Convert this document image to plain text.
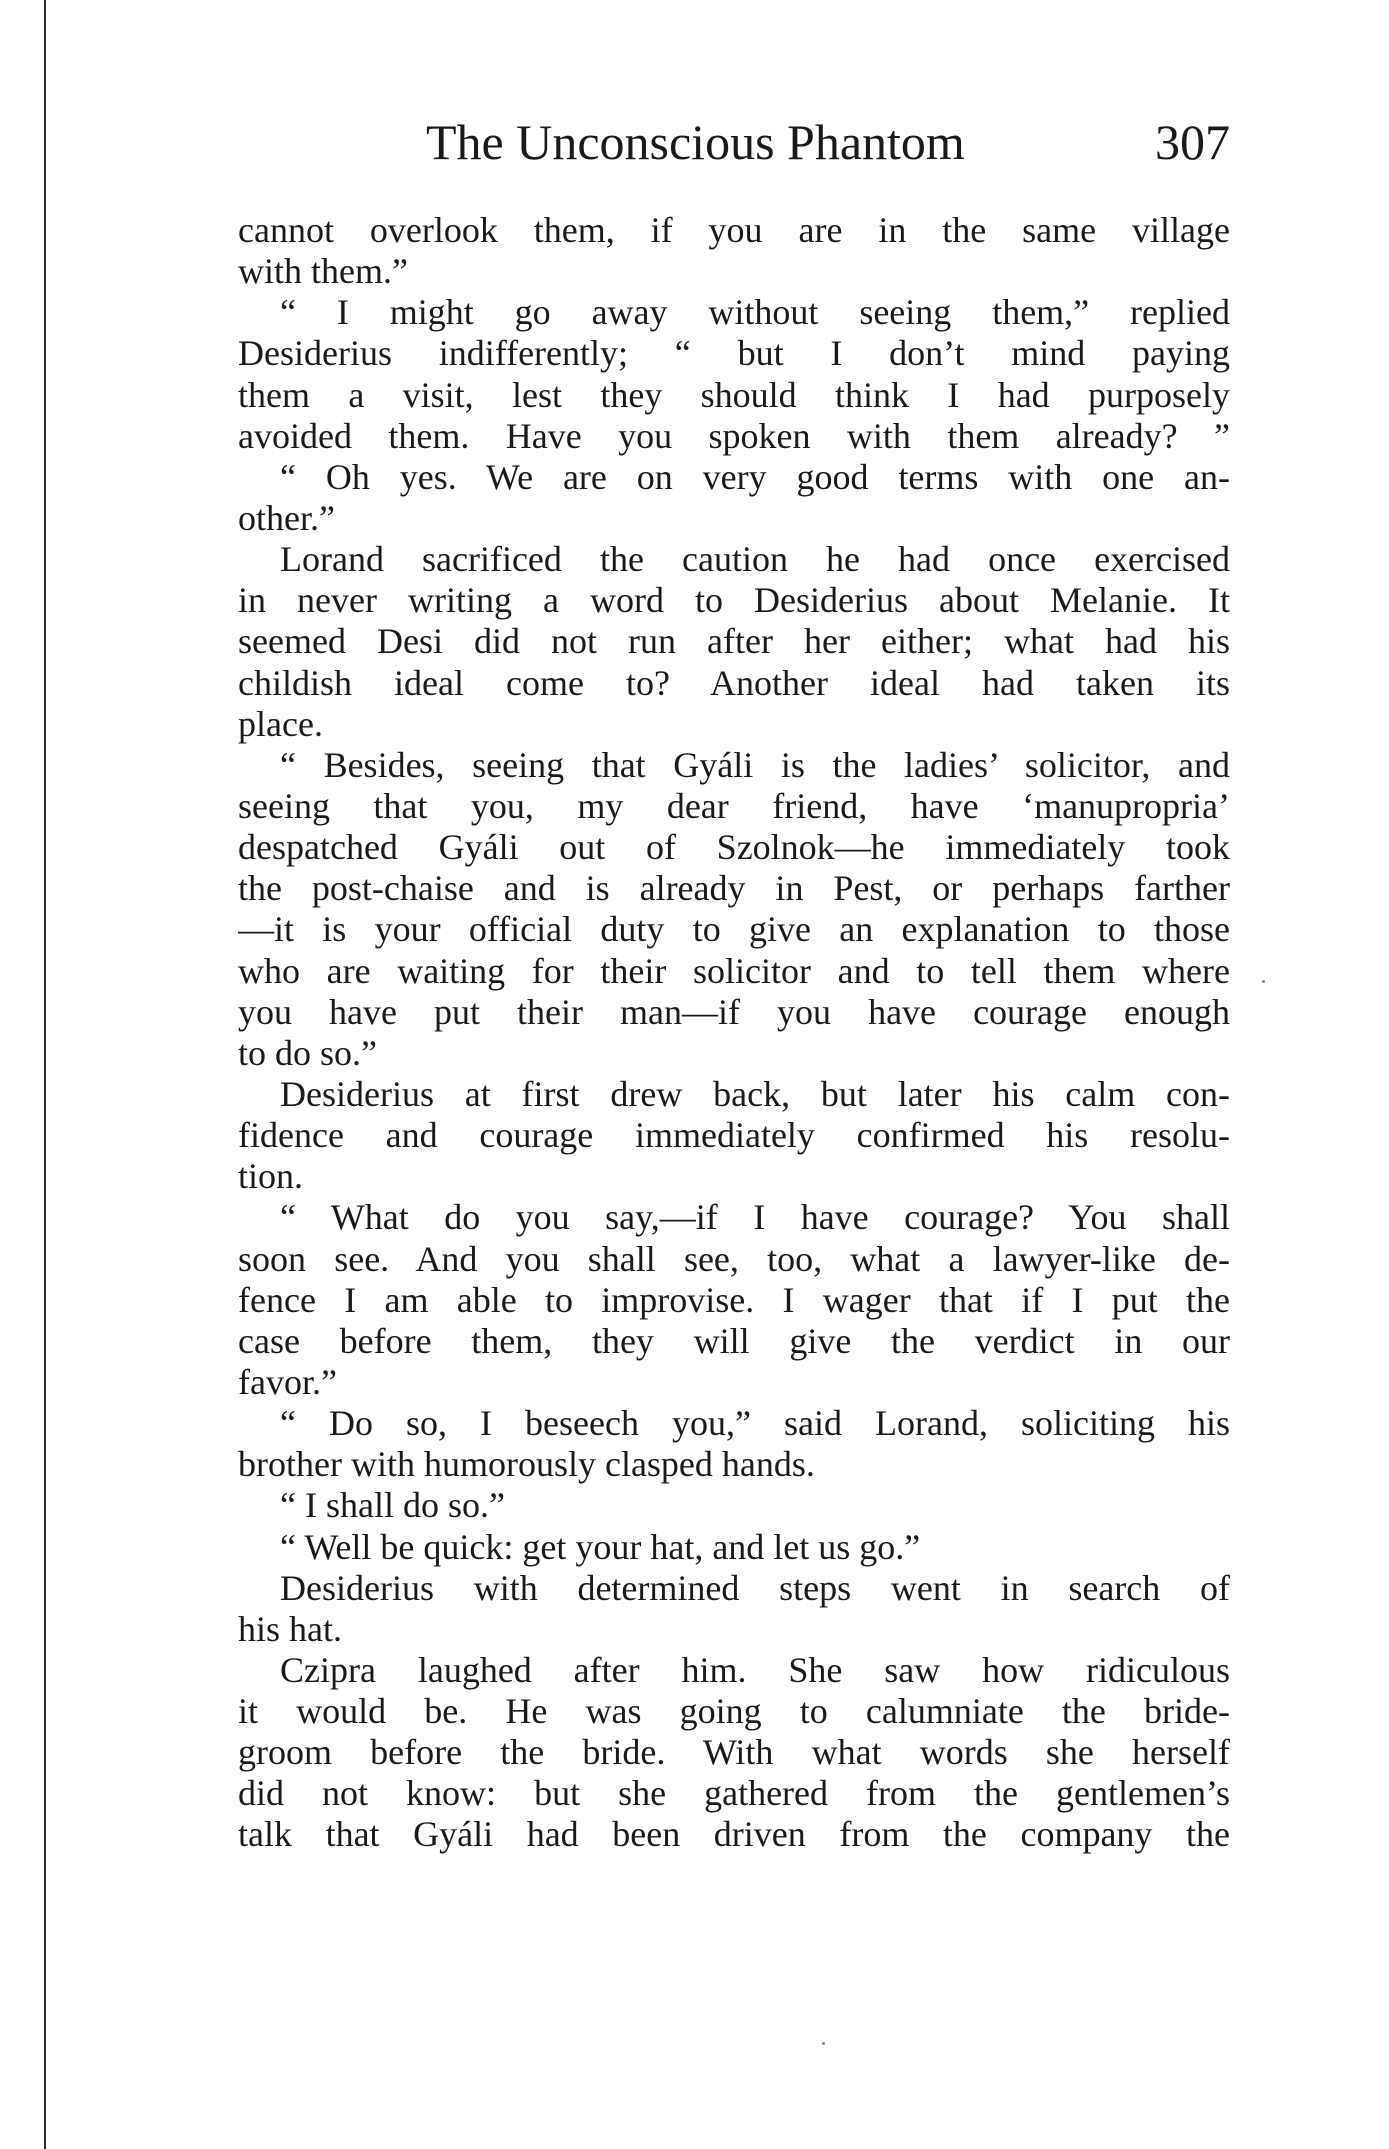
The Unconscious Phantom	307
cannot overlook them, if you are in the same village
with them.”
“ I might go away without seeing them,” replied
Desiderius indifferently; “ but I don’t mind paying
them a visit, lest they should think I had purposely
avoided them. Have you spoken with them already? ”
“ Oh yes. We are on very good terms with one an-
other.”
Lorand sacrificed the caution he had once exercised
in never writing a word to Desiderius about Melanie. It
seemed Desi did not run after her either; what had his
childish ideal come to? Another ideal had taken its
place.
“ Besides, seeing that Gyáli is the ladies’ solicitor, and
seeing that you, my dear friend, have ‘manupropria’
despatched Gyáli out of Szolnok—he immediately took
the post-chaise and is already in Pest, or perhaps farther
—it is your official duty to give an explanation to those
who are waiting for their solicitor and to tell them where
you have put their man—if you have courage enough
to do so.”
Desiderius at first drew back, but later his calm con-
fidence and courage immediately confirmed his resolu-
tion.
“ What do you say,—if I have courage? You shall
soon see. And you shall see, too, what a lawyer-like de-
fence I am able to improvise. I wager that if I put the
case before them, they will give the verdict in our
favor.”
“ Do so, I beseech you,” said Lorand, soliciting his
brother with humorously clasped hands.
“ I shall do so.”
“ Well be quick: get your hat, and let us go.”
Desiderius with determined steps went in search of
his hat.
Czipra laughed after him. She saw how ridiculous
it would be. He was going to calumniate the bride-
groom before the bride. With what words she herself
did not know: but she gathered from the gentlemen’s
talk that Gyáli had been driven from the company the
